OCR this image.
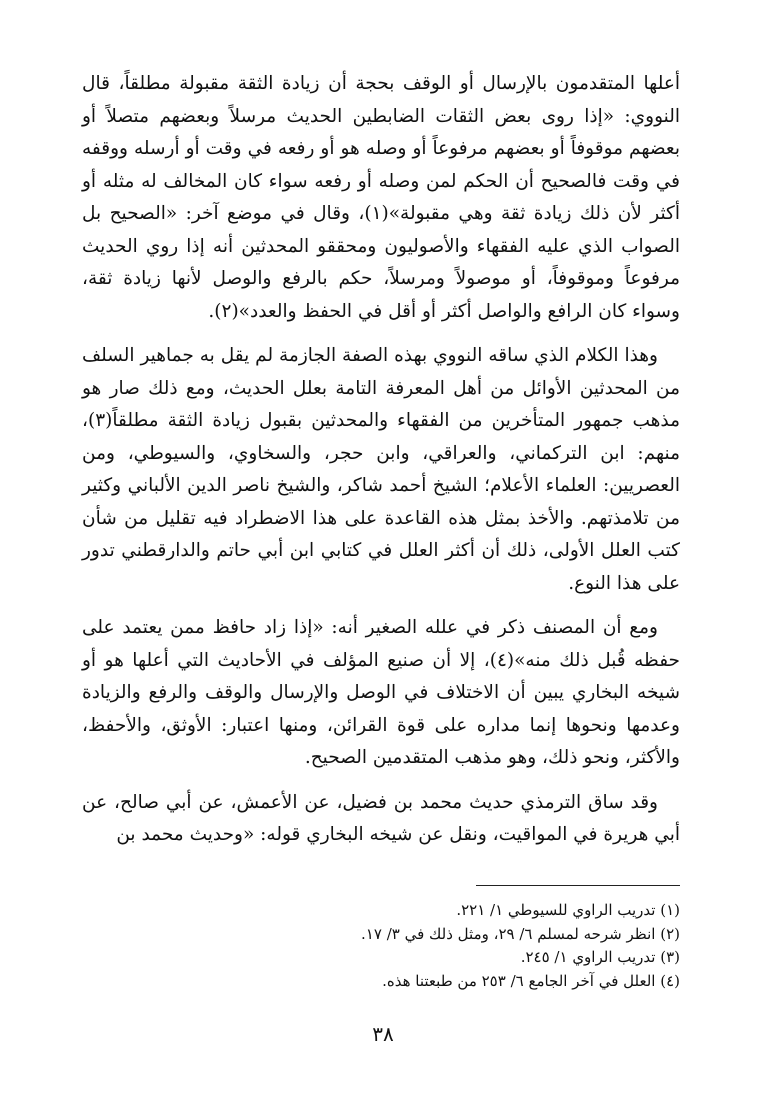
أعلها المتقدمون بالإرسال أو الوقف بحجة أن زيادة الثقة مقبولة مطلقاً، قال النووي: «إذا روى بعض الثقات الضابطين الحديث مرسلاً وبعضهم متصلاً أو بعضهم موقوفاً أو بعضهم مرفوعاً أو وصله هو أو رفعه في وقت أو أرسله ووقفه في وقت فالصحيح أن الحكم لمن وصله أو رفعه سواء كان المخالف له مثله أو أكثر لأن ذلك زيادة ثقة وهي مقبولة»(١)، وقال في موضع آخر: «الصحيح بل الصواب الذي عليه الفقهاء والأصوليون ومحققو المحدثين أنه إذا روي الحديث مرفوعاً وموقوفاً، أو موصولاً ومرسلاً، حكم بالرفع والوصل لأنها زيادة ثقة، وسواء كان الرافع والواصل أكثر أو أقل في الحفظ والعدد»(٢).

وهذا الكلام الذي ساقه النووي بهذه الصفة الجازمة لم يقل به جماهير السلف من المحدثين الأوائل من أهل المعرفة التامة بعلل الحديث، ومع ذلك صار هو مذهب جمهور المتأخرين من الفقهاء والمحدثين بقبول زيادة الثقة مطلقاً(٣)، منهم: ابن التركماني، والعراقي، وابن حجر، والسخاوي، والسيوطي، ومن العصريين: العلماء الأعلام؛ الشيخ أحمد شاكر، والشيخ ناصر الدين الألباني وكثير من تلامذتهم. والأخذ بمثل هذه القاعدة على هذا الاضطراد فيه تقليل من شأن كتب العلل الأولى، ذلك أن أكثر العلل في كتابي ابن أبي حاتم والدارقطني تدور على هذا النوع.

ومع أن المصنف ذكر في علله الصغير أنه: «إذا زاد حافظ ممن يعتمد على حفظه قُبل ذلك منه»(٤)، إلا أن صنيع المؤلف في الأحاديث التي أعلها هو أو شيخه البخاري يبين أن الاختلاف في الوصل والإرسال والوقف والرفع والزيادة وعدمها ونحوها إنما مداره على قوة القرائن، ومنها اعتبار: الأوثق، والأحفظ، والأكثر، ونحو ذلك، وهو مذهب المتقدمين الصحيح.

وقد ساق الترمذي حديث محمد بن فضيل، عن الأعمش، عن أبي صالح، عن أبي هريرة في المواقيت، ونقل عن شيخه البخاري قوله: «وحديث محمد بن

(١) تدريب الراوي للسيوطي ١/ ٢٢١.
(٢) انظر شرحه لمسلم ٦/ ٢٩، ومثل ذلك في ٣/ ١٧.
(٣) تدريب الراوي ١/ ٢٤٥.
(٤) العلل في آخر الجامع ٦/ ٢٥٣ من طبعتنا هذه.
٣٨
